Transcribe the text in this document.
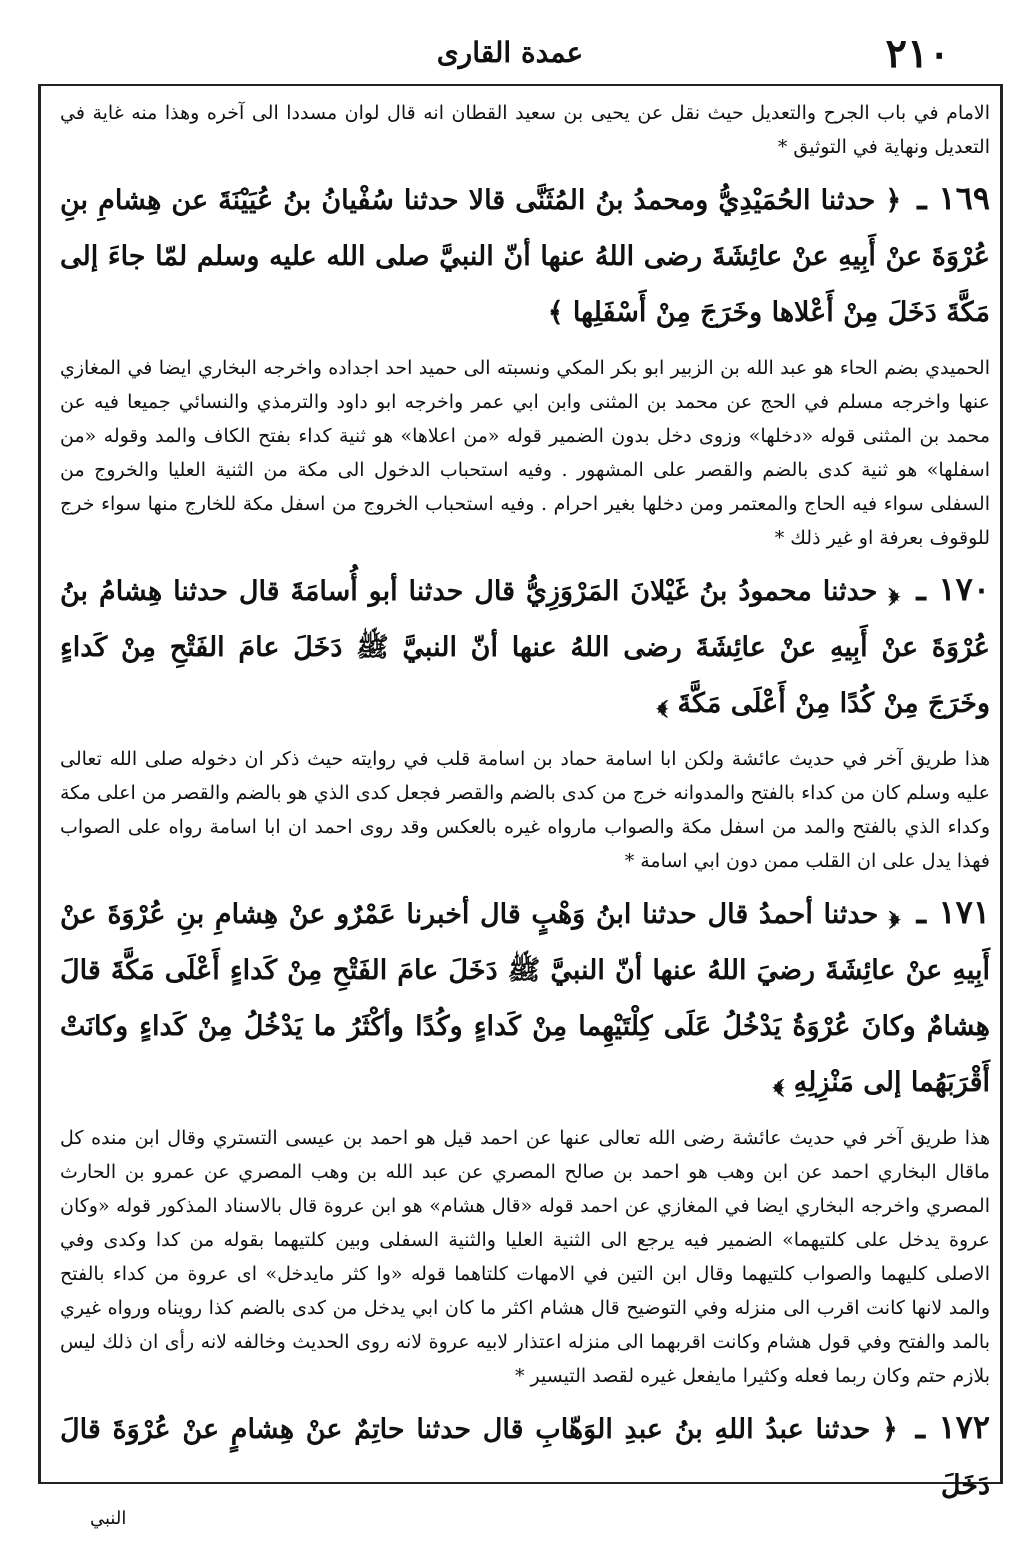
عمدة القارى	٢١٠

الامام في باب الجرح والتعديل حيث نقل عن يحيى بن سعيد القطان انه قال لوان مسددا الى آخره وهذا منه غاية في التعديل ونهاية في التوثيق *

١٦٩ ـ ﴿ حدثنا الحُمَيْدِيُّ ومحمدُ بنُ المُثَنَّى قالا حدثنا سُفْيانُ بنُ عُيَيْنَةَ عن هِشامِ بنِ عُرْوَةَ عنْ أَبِيهِ عنْ عائِشَةَ رضى اللهُ عنها أنّ النبيَّ صلى الله عليه وسلم لمّا جاءَ إلى مَكَّةَ دَخَلَ مِنْ أَعْلاها وخَرَجَ مِنْ أَسْفَلِها ﴾

الحميدي بضم الحاء هو عبد الله بن الزبير ابو بكر المكي ونسبته الى حميد احد اجداده واخرجه البخاري ايضا في المغازي عنها واخرجه مسلم في الحج عن محمد بن المثنى وابن ابي عمر واخرجه ابو داود والترمذي والنسائي جميعا فيه عن محمد بن المثنى قوله «دخلها» وزوى دخل بدون الضمير قوله «من اعلاها» هو ثنية كداء بفتح الكاف والمد وقوله «من اسفلها» هو ثنية كدى بالضم والقصر على المشهور . وفيه استحباب الدخول الى مكة من الثنية العليا والخروج من السفلى سواء فيه الحاج والمعتمر ومن دخلها بغير احرام . وفيه استحباب الخروج من اسفل مكة للخارج منها سواء خرج للوقوف بعرفة او غير ذلك *

١٧٠ ـ ﴿ حدثنا محمودُ بنُ غَيْلانَ المَرْوَزِيُّ قال حدثنا أبو أُسامَةَ قال حدثنا هِشامُ بنُ عُرْوَةَ عنْ أَبِيهِ عنْ عائِشَةَ رضى اللهُ عنها أنّ النبيَّ ﷺ دَخَلَ عامَ الفَتْحِ مِنْ كَداءٍ وخَرَجَ مِنْ كُدًا مِنْ أَعْلَى مَكَّةَ ﴾

هذا طريق آخر في حديث عائشة ولكن ابا اسامة حماد بن اسامة قلب في روايته حيث ذكر ان دخوله صلى الله تعالى عليه وسلم كان من كداء بالفتح والمدوانه خرج من كدى بالضم والقصر فجعل كدى الذي هو بالضم والقصر من اعلى مكة وكداء الذي بالفتح والمد من اسفل مكة والصواب مارواه غيره بالعكس وقد روى احمد ان ابا اسامة رواه على الصواب فهذا يدل على ان القلب ممن دون ابي اسامة *

١٧١ ـ ﴿ حدثنا أحمدُ قال حدثنا ابنُ وَهْبٍ قال أخبرنا عَمْرٌو عنْ هِشامِ بنِ عُرْوَةَ عنْ أَبِيهِ عنْ عائِشَةَ رضيَ اللهُ عنها أنّ النبيَّ ﷺ دَخَلَ عامَ الفَتْحِ مِنْ كَداءٍ أَعْلَى مَكَّةَ قالَ هِشامٌ وكانَ عُرْوَةُ يَدْخُلُ عَلَى كِلْتَيْهِما مِنْ كَداءٍ وكُدًا وأكْثَرُ ما يَدْخُلُ مِنْ كَداءٍ وكانَتْ أَقْرَبَهُما إلى مَنْزِلِهِ ﴾

هذا طريق آخر في حديث عائشة رضى الله تعالى عنها عن احمد قيل هو احمد بن عيسى التستري وقال ابن منده كل ماقال البخاري احمد عن ابن وهب هو احمد بن صالح المصري عن عبد الله بن وهب المصري عن عمرو بن الحارث المصري واخرجه البخاري ايضا في المغازي عن احمد قوله «قال هشام» هو ابن عروة قال بالاسناد المذكور قوله «وكان عروة يدخل على كلتيهما» الضمير فيه يرجع الى الثنية العليا والثنية السفلى وبين كلتيهما بقوله من كدا وكدى وفي الاصلى كليهما والصواب كلتيهما وقال ابن التين في الامهات كلتاهما قوله «وا كثر مايدخل» اى عروة من كداء بالفتح والمد لانها كانت اقرب الى منزله وفي التوضيح قال هشام اكثر ما كان ابي يدخل من كدى بالضم كذا رويناه ورواه غيري بالمد والفتح وفي قول هشام وكانت اقربهما الى منزله اعتذار لابيه عروة لانه روى الحديث وخالفه لانه رأى ان ذلك ليس بلازم حتم وكان ربما فعله وكثيرا مايفعل غيره لقصد التيسير *

١٧٢ ـ ﴿ حدثنا عبدُ اللهِ بنُ عبدِ الوَهّابِ قال حدثنا حاتِمٌ عنْ هِشامٍ عنْ عُرْوَةَ قالَ دَخَلَ

النبي
